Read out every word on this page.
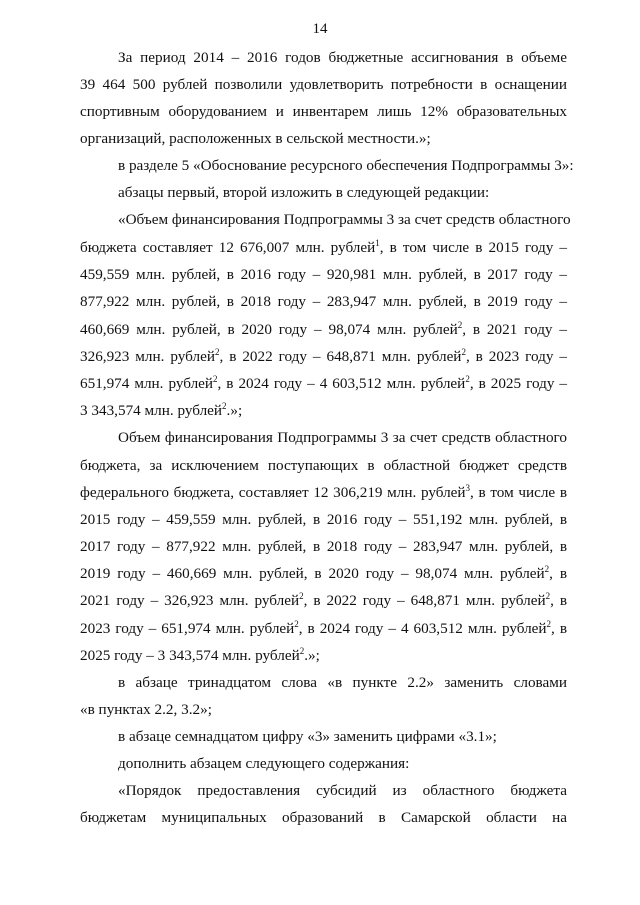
14
За период 2014 – 2016 годов бюджетные ассигнования в объеме
39 464 500 рублей позволили удовлетворить потребности в оснащении
спортивным оборудованием и инвентарем лишь 12% образовательных
организаций, расположенных в сельской местности.»;
в разделе 5 «Обоснование ресурсного обеспечения Подпрограммы 3»:
абзацы первый, второй изложить в следующей редакции:
«Объем финансирования Подпрограммы 3 за счет средств областного
бюджета составляет 12 676,007 млн. рублей$^1$, в том числе в 2015 году –
459,559 млн. рублей, в 2016 году – 920,981 млн. рублей, в 2017 году –
877,922 млн. рублей, в 2018 году – 283,947 млн. рублей, в 2019 году –
460,669 млн. рублей, в 2020 году – 98,074 млн. рублей$^2$, в 2021 году –
326,923 млн. рублей$^2$, в 2022 году – 648,871 млн. рублей$^2$, в 2023 году –
651,974 млн. рублей$^2$, в 2024 году – 4 603,512 млн. рублей$^2$, в 2025 году –
3 343,574 млн. рублей$^2$.»;
Объем финансирования Подпрограммы 3 за счет средств областного
бюджета, за исключением поступающих в областной бюджет средств
федерального бюджета, составляет 12 306,219 млн. рублей$^3$, в том числе в
2015 году – 459,559 млн. рублей, в 2016 году – 551,192 млн. рублей, в
2017 году – 877,922 млн. рублей, в 2018 году – 283,947 млн. рублей, в
2019 году – 460,669 млн. рублей, в 2020 году – 98,074 млн. рублей$^2$, в
2021 году – 326,923 млн. рублей$^2$, в 2022 году – 648,871 млн. рублей$^2$, в
2023 году – 651,974 млн. рублей$^2$, в 2024 году – 4 603,512 млн. рублей$^2$, в
2025 году – 3 343,574 млн. рублей$^2$.»;
в абзаце тринадцатом слова «в пункте 2.2» заменить словами
«в пунктах 2.2, 3.2»;
в абзаце семнадцатом цифру «3» заменить цифрами «3.1»;
дополнить абзацем следующего содержания:
«Порядок предоставления субсидий из областного бюджета
бюджетам муниципальных образований в Самарской области на
